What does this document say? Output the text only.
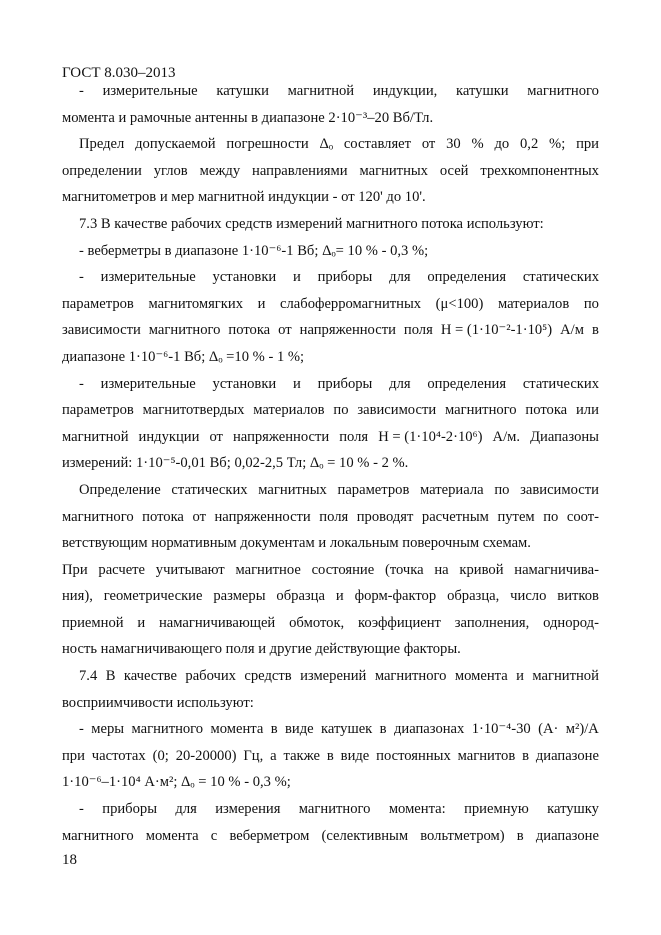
ГОСТ 8.030–2013
- измерительные катушки магнитной индукции, катушки магнитного
момента и рамочные антенны в диапазоне 2·10⁻³–20 Вб/Тл.
Предел допускаемой погрешности Δₒ составляет от 30 % до 0,2 %; при
определении углов между направлениями магнитных осей трехкомпонентных
магнитометров и мер магнитной индукции - от 120' до 10'.
7.3 В качестве рабочих средств измерений магнитного потока используют:
- веберметры в диапазоне 1·10⁻⁶-1 Вб; Δₒ= 10 % - 0,3 %;
- измерительные установки и приборы для определения статических
параметров магнитомягких и слабоферромагнитных (μ<100) материалов по
зависимости магнитного потока от напряженности поля H = (1·10⁻²-1·10⁵) А/м в
диапазоне 1·10⁻⁶-1 Вб; Δₒ =10 % - 1 %;
- измерительные установки и приборы для определения статических
параметров магнитотвердых материалов по зависимости магнитного потока или
магнитной индукции от напряженности поля H = (1·10⁴-2·10⁶) А/м. Диапазоны
измерений: 1·10⁻⁵-0,01 Вб; 0,02-2,5 Тл; Δₒ = 10 % - 2 %.
Определение статических магнитных параметров материала по зависимости
магнитного потока от напряженности поля проводят расчетным путем по соот-
ветствующим нормативным документам и локальным поверочным схемам.
При расчете учитывают магнитное состояние (точка на кривой намагничива-
ния), геометрические размеры образца и форм-фактор образца, число витков
приемной и намагничивающей обмоток, коэффициент заполнения, однород-
ность намагничивающего поля и другие действующие факторы.
7.4 В качестве рабочих средств измерений магнитного момента и магнитной
восприимчивости используют:
- меры магнитного момента в виде катушек в диапазонах 1·10⁻⁴-30 (А· м²)/А
при частотах (0; 20-20000) Гц, а также в виде постоянных магнитов в диапазоне
1·10⁻⁶–1·10⁴ А·м²; Δₒ = 10 % - 0,3 %;
- приборы для измерения магнитного момента: приемную катушку
магнитного момента с веберметром (селективным вольтметром) в диапазоне
18
